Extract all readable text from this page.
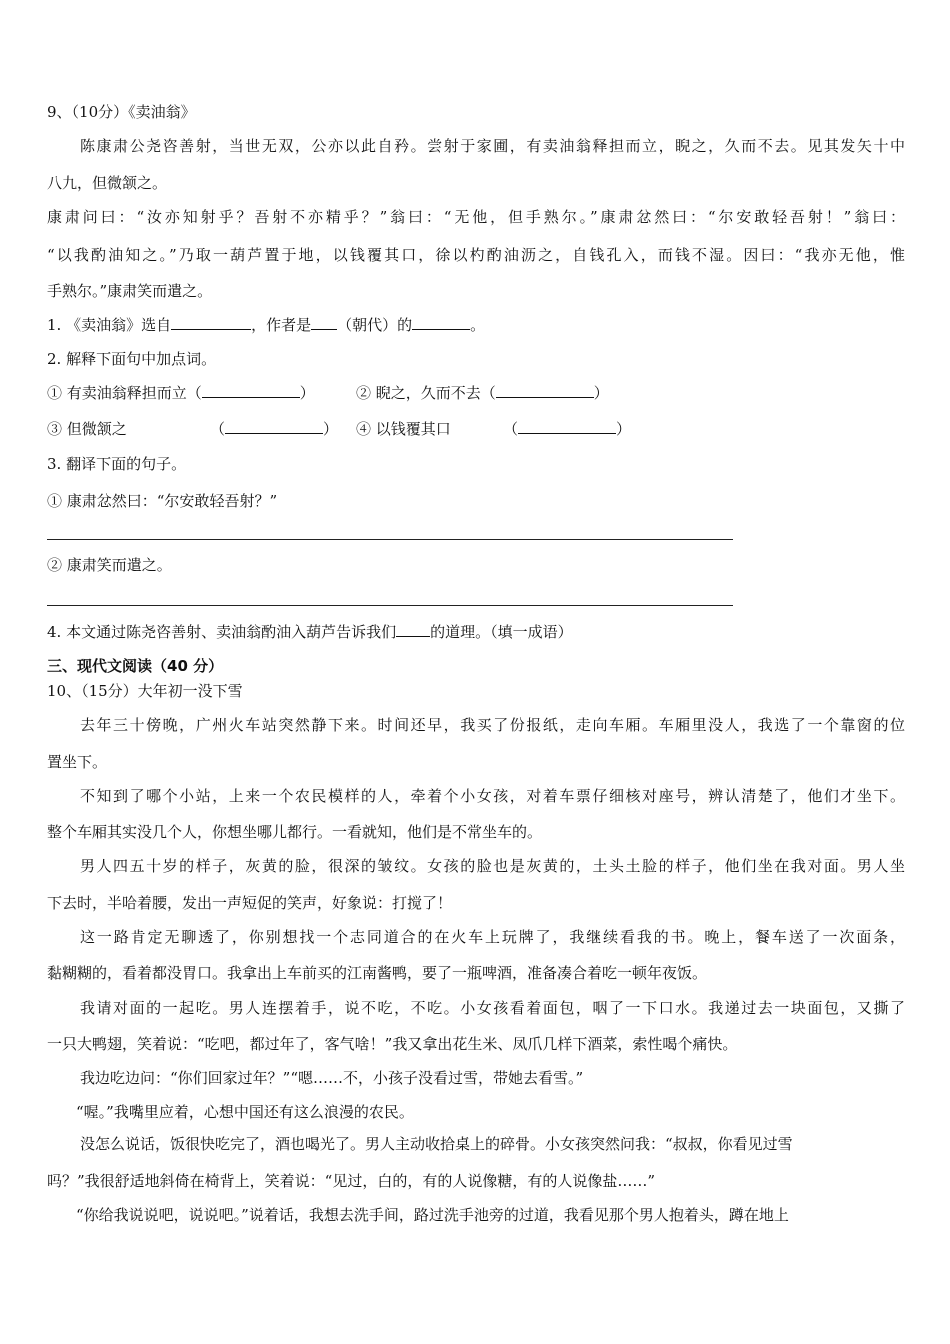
9、（10分）《卖油翁》
陈康肃公尧咨善射，当世无双，公亦以此自矜。尝射于家圃，有卖油翁释担而立，睨之，久而不去。见其发矢十中
八九，但微颔之。
康肃问曰：“汝亦知射乎？吾射不亦精乎？”翁曰：“无他，但手熟尔。”康肃忿然曰：“尔安敢轻吾射！”翁曰：
“以我酌油知之。”乃取一葫芦置于地，以钱覆其口，徐以杓酌油沥之，自钱孔入，而钱不湿。因曰：“我亦无他，惟
手熟尔。”康肃笑而遣之。
1. 《卖油翁》选自	，作者是 （朝代）的	。
2. 解释下面句中加点词。
① 有卖油翁释担而立（	）	② 睨之，久而不去（	）
③ 但微颔之	（	） ④ 以钱覆其口	（	）
3. 翻译下面的句子。
① 康肃忿然曰：“尔安敢轻吾射？”
② 康肃笑而遣之。
4. 本文通过陈尧咨善射、卖油翁酌油入葫芦告诉我们 的道理。（填一成语）
三、现代文阅读（40 分）
10、（15分）大年初一没下雪
去年三十傍晚，广州火车站突然静下来。时间还早，我买了份报纸，走向车厢。车厢里没人，我选了一个靠窗的位
置坐下。
不知到了哪个小站，上来一个农民模样的人，牵着个小女孩，对着车票仔细核对座号，辨认清楚了，他们才坐下。
整个车厢其实没几个人，你想坐哪儿都行。一看就知，他们是不常坐车的。
男人四五十岁的样子，灰黄的脸，很深的皱纹。女孩的脸也是灰黄的，土头土脸的样子，他们坐在我对面。男人坐
下去时，半哈着腰，发出一声短促的笑声，好象说：打搅了！
这一路肯定无聊透了，你别想找一个志同道合的在火车上玩牌了，我继续看我的书。晚上，餐车送了一次面条，
黏糊糊的，看着都没胃口。我拿出上车前买的江南酱鸭，要了一瓶啤酒，准备凑合着吃一顿年夜饭。
我请对面的一起吃。男人连摆着手，说不吃，不吃。小女孩看着面包，咽了一下口水。我递过去一块面包，又撕了
一只大鸭翅，笑着说：“吃吧，都过年了，客气啥！”我又拿出花生米、凤爪几样下酒菜，索性喝个痛快。
我边吃边问：“你们回家过年？”“嗯……不，小孩子没看过雪，带她去看雪。”
“喔。”我嘴里应着，心想中国还有这么浪漫的农民。
没怎么说话，饭很快吃完了，酒也喝光了。男人主动收拾桌上的碎骨。小女孩突然问我：“叔叔，你看见过雪
吗？”我很舒适地斜倚在椅背上，笑着说：“见过，白的，有的人说像糖，有的人说像盐……”
“你给我说说吧，说说吧。”说着话，我想去洗手间，路过洗手池旁的过道，我看见那个男人抱着头，蹲在地上
